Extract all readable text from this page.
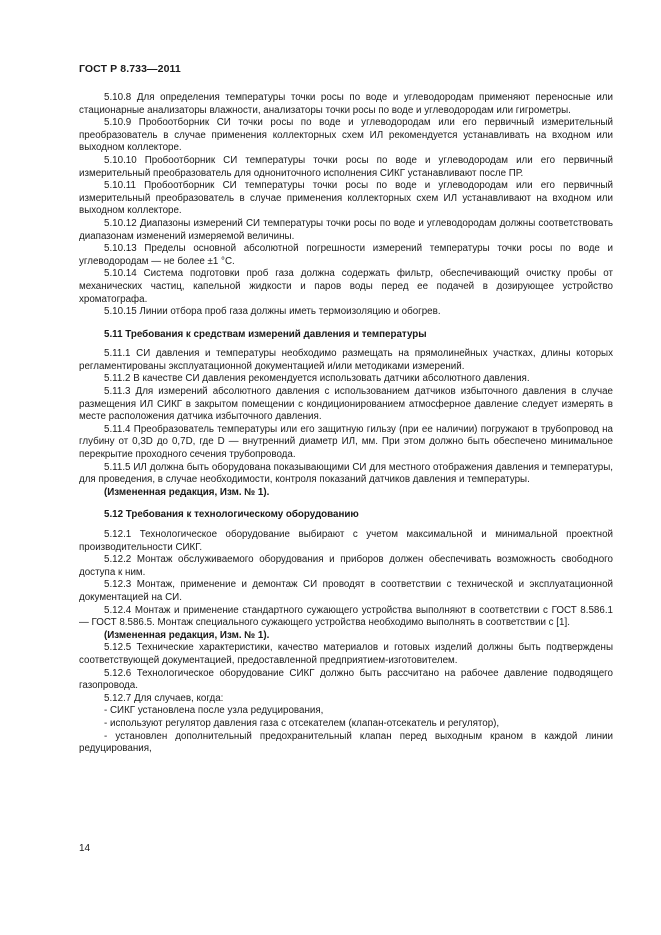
ГОСТ Р 8.733—2011

5.10.8 Для определения температуры точки росы по воде и углеводородам применяют переносные или стационарные анализаторы влажности, анализаторы точки росы по воде и углеводородам или гигрометры.

5.10.9 Пробоотборник СИ точки росы по воде и углеводородам или его первичный измерительный преобразователь в случае применения коллекторных схем ИЛ рекомендуется устанавливать на входном или выходном коллекторе.

5.10.10 Пробоотборник СИ температуры точки росы по воде и углеводородам или его первичный измерительный преобразователь для однониточного исполнения СИКГ устанавливают после ПР.

5.10.11 Пробоотборник СИ температуры точки росы по воде и углеводородам или его первичный измерительный преобразователь в случае применения коллекторных схем ИЛ устанавливают на входном или выходном коллекторе.

5.10.12 Диапазоны измерений СИ температуры точки росы по воде и углеводородам должны соответствовать диапазонам изменений измеряемой величины.

5.10.13 Пределы основной абсолютной погрешности измерений температуры точки росы по воде и углеводородам — не более ±1 °С.

5.10.14 Система подготовки проб газа должна содержать фильтр, обеспечивающий очистку пробы от механических частиц, капельной жидкости и паров воды перед ее подачей в дозирующее устройство хроматографа.

5.10.15 Линии отбора проб газа должны иметь термоизоляцию и обогрев.

5.11 Требования к средствам измерений давления и температуры

5.11.1 СИ давления и температуры необходимо размещать на прямолинейных участках, длины которых регламентированы эксплуатационной документацией и/или методиками измерений.

5.11.2 В качестве СИ давления рекомендуется использовать датчики абсолютного давления.

5.11.3 Для измерений абсолютного давления с использованием датчиков избыточного давления в случае размещения ИЛ СИКГ в закрытом помещении с кондиционированием атмосферное давление следует измерять в месте расположения датчика избыточного давления.

5.11.4 Преобразователь температуры или его защитную гильзу (при ее наличии) погружают в трубопровод на глубину от 0,3D до 0,7D, где D — внутренний диаметр ИЛ, мм. При этом должно быть обеспечено минимальное перекрытие проходного сечения трубопровода.

5.11.5 ИЛ должна быть оборудована показывающими СИ для местного отображения давления и температуры, для проведения, в случае необходимости, контроля показаний датчиков давления и температуры.

(Измененная редакция, Изм. № 1).

5.12 Требования к технологическому оборудованию

5.12.1 Технологическое оборудование выбирают с учетом максимальной и минимальной проектной производительности СИКГ.

5.12.2 Монтаж обслуживаемого оборудования и приборов должен обеспечивать возможность свободного доступа к ним.

5.12.3 Монтаж, применение и демонтаж СИ проводят в соответствии с технической и эксплуатационной документацией на СИ.

5.12.4 Монтаж и применение стандартного сужающего устройства выполняют в соответствии с ГОСТ 8.586.1 — ГОСТ 8.586.5. Монтаж специального сужающего устройства необходимо выполнять в соответствии с [1].

(Измененная редакция, Изм. № 1).

5.12.5 Технические характеристики, качество материалов и готовых изделий должны быть подтверждены соответствующей документацией, предоставленной предприятием-изготовителем.

5.12.6 Технологическое оборудование СИКГ должно быть рассчитано на рабочее давление подводящего газопровода.

5.12.7 Для случаев, когда:

- СИКГ установлена после узла редуцирования,

- используют регулятор давления газа с отсекателем (клапан-отсекатель и регулятор),

- установлен дополнительный предохранительный клапан перед выходным краном в каждой линии редуцирования,

14
